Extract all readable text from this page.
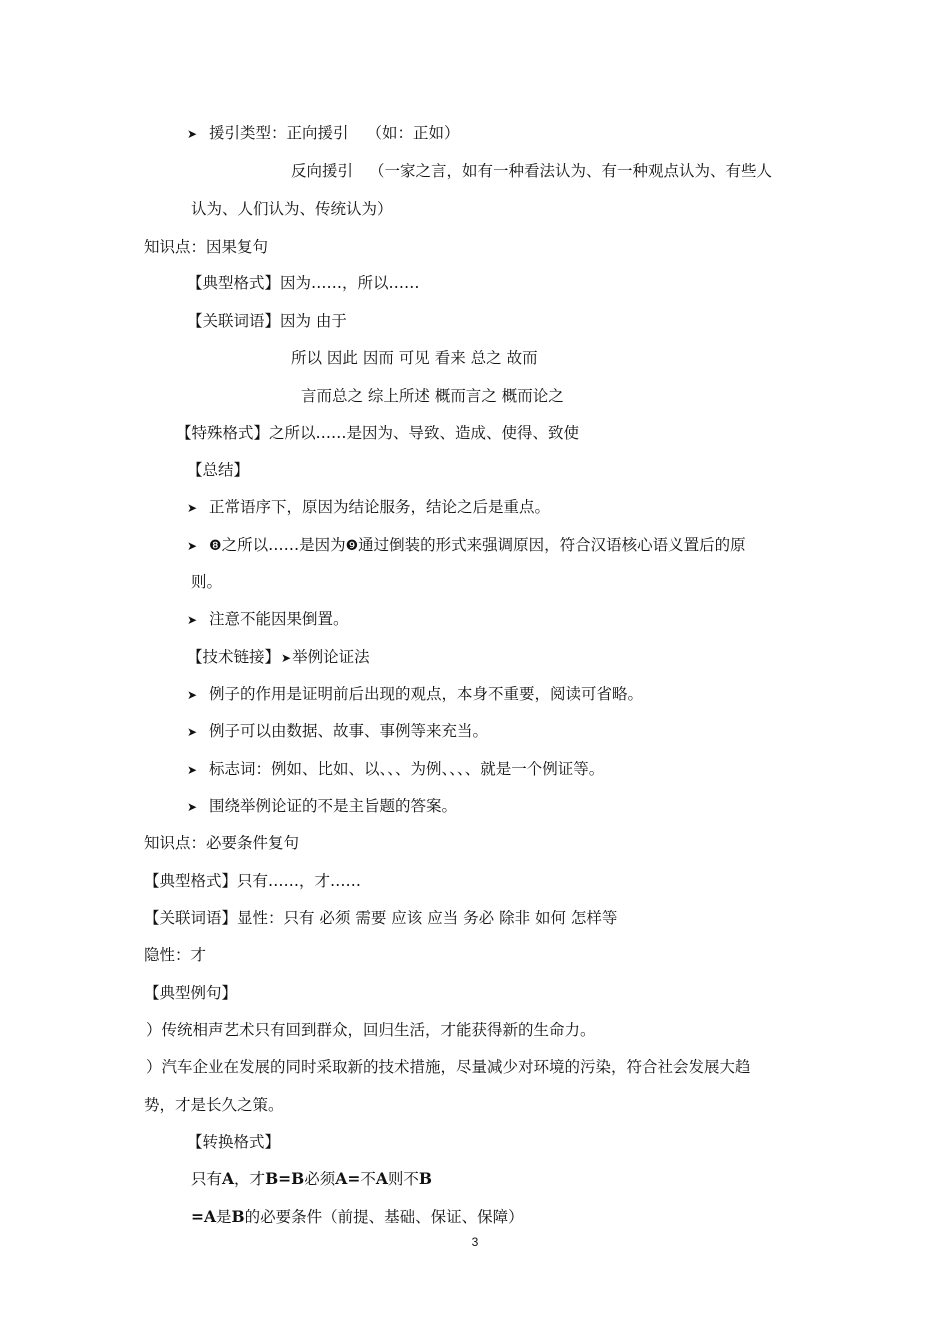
➤ 援引类型：正向援引 （如：正如）
反向援引 （一家之言，如有一种看法认为、有一种观点认为、有些人
认为、人们认为、传统认为）
知识点：因果复句
【典型格式】因为……，所以……
【关联词语】因为 由于
所以 因此 因而 可见 看来 总之 故而
言而总之 综上所述 概而言之 概而论之
【特殊格式】之所以……是因为、导致、造成、使得、致使
【总结】
➤ 正常语序下，原因为结论服务，结论之后是重点。
➤ ❽之所以……是因为❾通过倒装的形式来强调原因，符合汉语核心语义置后的原
则。
➤ 注意不能因果倒置。
【技术链接】➤举例论证法
➤ 例子的作用是证明前后出现的观点，本身不重要，阅读可省略。
➤ 例子可以由数据、故事、事例等来充当。
➤ 标志词：例如、比如、以、、、为例、、、、就是一个例证等。
➤ 围绕举例论证的不是主旨题的答案。
知识点：必要条件复句
【典型格式】只有……，才……
【关联词语】显性：只有 必须 需要 应该 应当 务必 除非 如何 怎样等
隐性：才
【典型例句】
）传统相声艺术只有回到群众，回归生活，才能获得新的生命力。
）汽车企业在发展的同时采取新的技术措施，尽量减少对环境的污染，符合社会发展大趋
势，才是长久之策。
【转换格式】
只有A，才B=B必须A=不A则不B
=A是B的必要条件（前提、基础、保证、保障）
3
